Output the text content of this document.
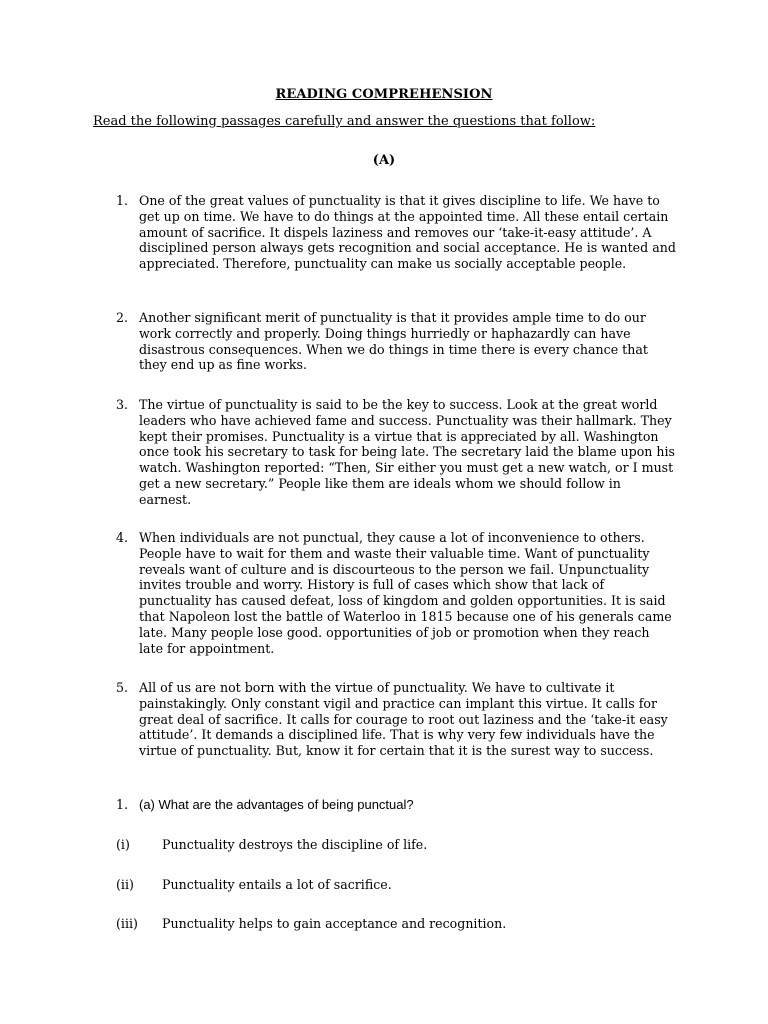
READING COMPREHENSION
Read the following passages carefully and answer the questions that follow:
(A)
1. One of the great values of punctuality is that it gives discipline to life. We have to get up on time. We have to do things at the appointed time. All these entail certain amount of sacrifice. It dispels laziness and removes our ‘take-it-easy attitude’. A disciplined person always gets recognition and social acceptance. He is wanted and appreciated. Therefore, punctuality can make us socially acceptable people.
2. Another significant merit of punctuality is that it provides ample time to do our work correctly and properly. Doing things hurriedly or haphazardly can have disastrous consequences. When we do things in time there is every chance that they end up as fine works.
3. The virtue of punctuality is said to be the key to success. Look at the great world leaders who have achieved fame and success. Punctuality was their hallmark. They kept their promises. Punctuality is a virtue that is appreciated by all. Washington once took his secretary to task for being late. The secretary laid the blame upon his watch. Washington reported: “Then, Sir either you must get a new watch, or I must get a new secretary.” People like them are ideals whom we should follow in earnest.
4. When individuals are not punctual, they cause a lot of inconvenience to others. People have to wait for them and waste their valuable time. Want of punctuality reveals want of culture and is discourteous to the person we fail. Unpunctuality invites trouble and worry. History is full of cases which show that lack of punctuality has caused defeat, loss of kingdom and golden opportunities. It is said that Napoleon lost the battle of Waterloo in 1815 because one of his generals came late. Many people lose good. opportunities of job or promotion when they reach late for appointment.
5. All of us are not born with the virtue of punctuality. We have to cultivate it painstakingly. Only constant vigil and practice can implant this virtue. It calls for great deal of sacrifice. It calls for courage to root out laziness and the ‘take-it easy attitude’. It demands a disciplined life. That is why very few individuals have the virtue of punctuality. But, know it for certain that it is the surest way to success.
1. (a) What are the advantages of being punctual?
(i)	Punctuality destroys the discipline of life.
(ii) Punctuality entails a lot of sacrifice.
(iii) Punctuality helps to gain acceptance and recognition.
